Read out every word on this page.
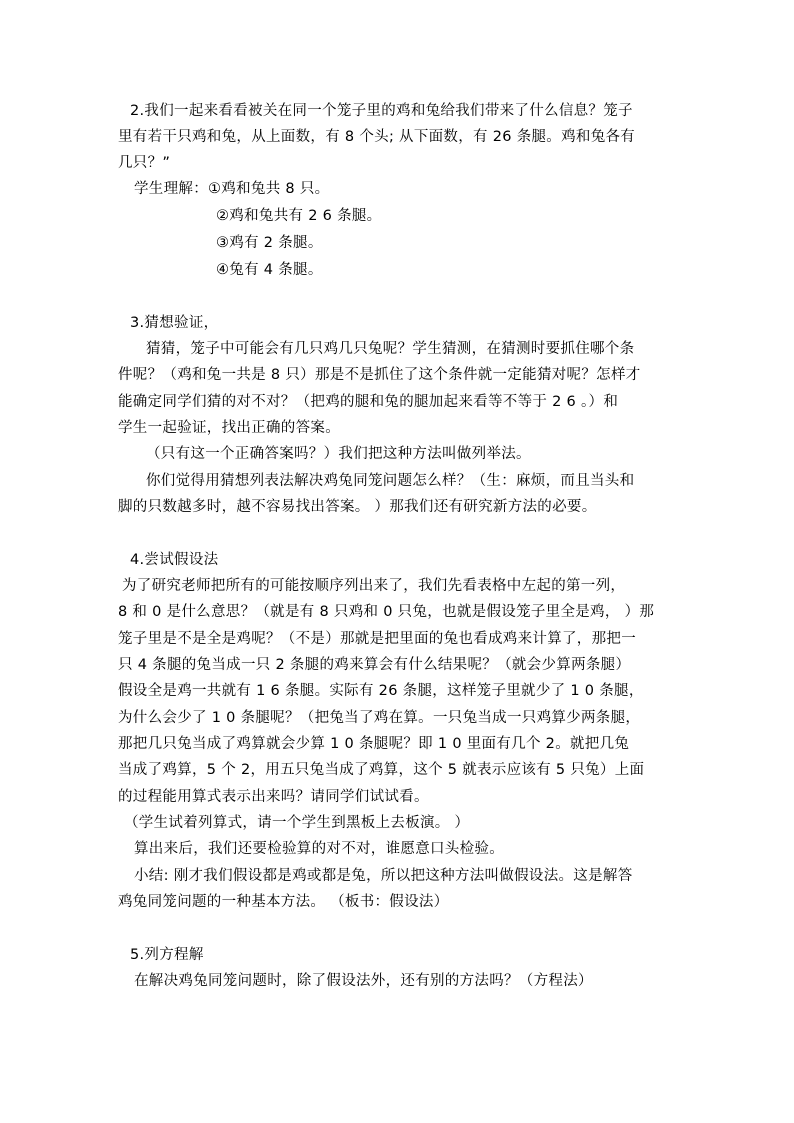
2.我们一起来看看被关在同一个笼子里的鸡和兔给我们带来了什么信息？笼子
里有若干只鸡和兔，从上面数，有 8 个头; 从下面数，有 26 条腿。鸡和兔各有
几只？”
学生理解：①鸡和兔共 8 只。
②鸡和兔共有 2 6 条腿。
③鸡有 2 条腿。
④兔有 4 条腿。
3.猜想验证，
猜猜，笼子中可能会有几只鸡几只兔呢？学生猜测，在猜测时要抓住哪个条
件呢？（鸡和兔一共是 8 只）那是不是抓住了这个条件就一定能猜对呢？怎样才
能确定同学们猜的对不对？（把鸡的腿和兔的腿加起来看等不等于 2 6 。）和
学生一起验证，找出正确的答案。
（只有这一个正确答案吗？）我们把这种方法叫做列举法。
你们觉得用猜想列表法解决鸡兔同笼问题怎么样？（生：麻烦，而且当头和
脚的只数越多时，越不容易找出答案。 ）那我们还有研究新方法的必要。
4.尝试假设法
为了研究老师把所有的可能按顺序列出来了，我们先看表格中左起的第一列，
8 和 0 是什么意思？（就是有 8 只鸡和 0 只兔，也就是假设笼子里全是鸡， ）那
笼子里是不是全是鸡呢？（不是）那就是把里面的兔也看成鸡来计算了，那把一
只 4 条腿的兔当成一只 2 条腿的鸡来算会有什么结果呢？（就会少算两条腿）
假设全是鸡一共就有 1 6 条腿。实际有 26 条腿，这样笼子里就少了 1 0 条腿，
为什么会少了 1 0 条腿呢？（把兔当了鸡在算。一只兔当成一只鸡算少两条腿，
那把几只兔当成了鸡算就会少算 1 0 条腿呢？即 1 0 里面有几个 2。就把几兔
当成了鸡算，5 个 2，用五只兔当成了鸡算，这个 5 就表示应该有 5 只兔）上面
的过程能用算式表示出来吗？请同学们试试看。
（学生试着列算式，请一个学生到黑板上去板演。 ）
算出来后，我们还要检验算的对不对，谁愿意口头检验。
小结: 刚才我们假设都是鸡或都是兔，所以把这种方法叫做假设法。这是解答
鸡兔同笼问题的一种基本方法。 （板书：假设法）
5.列方程解
在解决鸡兔同笼问题时，除了假设法外，还有别的方法吗？（方程法）
